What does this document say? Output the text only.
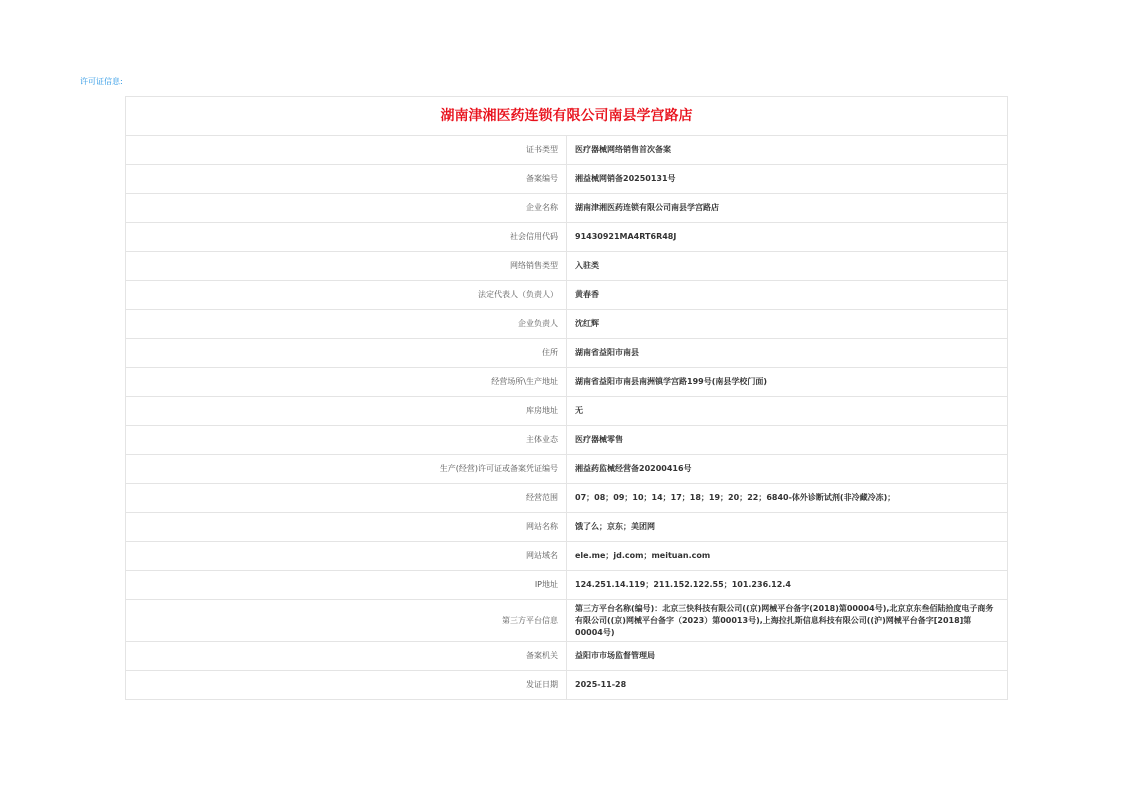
许可证信息:
湖南津湘医药连锁有限公司南县学宫路店	
证书类型	医疗器械网络销售首次备案
备案编号	湘益械网销备20250131号
企业名称	湖南津湘医药连锁有限公司南县学宫路店
社会信用代码	91430921MA4RT6R48J
网络销售类型	入驻类
法定代表人（负责人）	黄春香
企业负责人	沈红辉
住所	湖南省益阳市南县
经营场所\生产地址	湖南省益阳市南县南洲镇学宫路199号(南县学校门面)
库房地址	无
主体业态	医疗器械零售
生产(经营)许可证或备案凭证编号	湘益药监械经营备20200416号
经营范围	07；08；09；10；14；17；18；19；20；22；6840-体外诊断试剂(非冷藏冷冻)；
网站名称	饿了么；京东；美团网
网站域名	ele.me；jd.com；meituan.com
IP地址	124.251.14.119；211.152.122.55；101.236.12.4
第三方平台信息	第三方平台名称(编号)：北京三快科技有限公司((京)网械平台备字(2018)第00004号),北京京东叁佰陆拾度电子商务有限公司((京)网械平台备字（2023）第00013号),上海拉扎斯信息科技有限公司((沪)网械平台备字[2018]第00004号)
备案机关	益阳市市场监督管理局
发证日期	2025-11-28
